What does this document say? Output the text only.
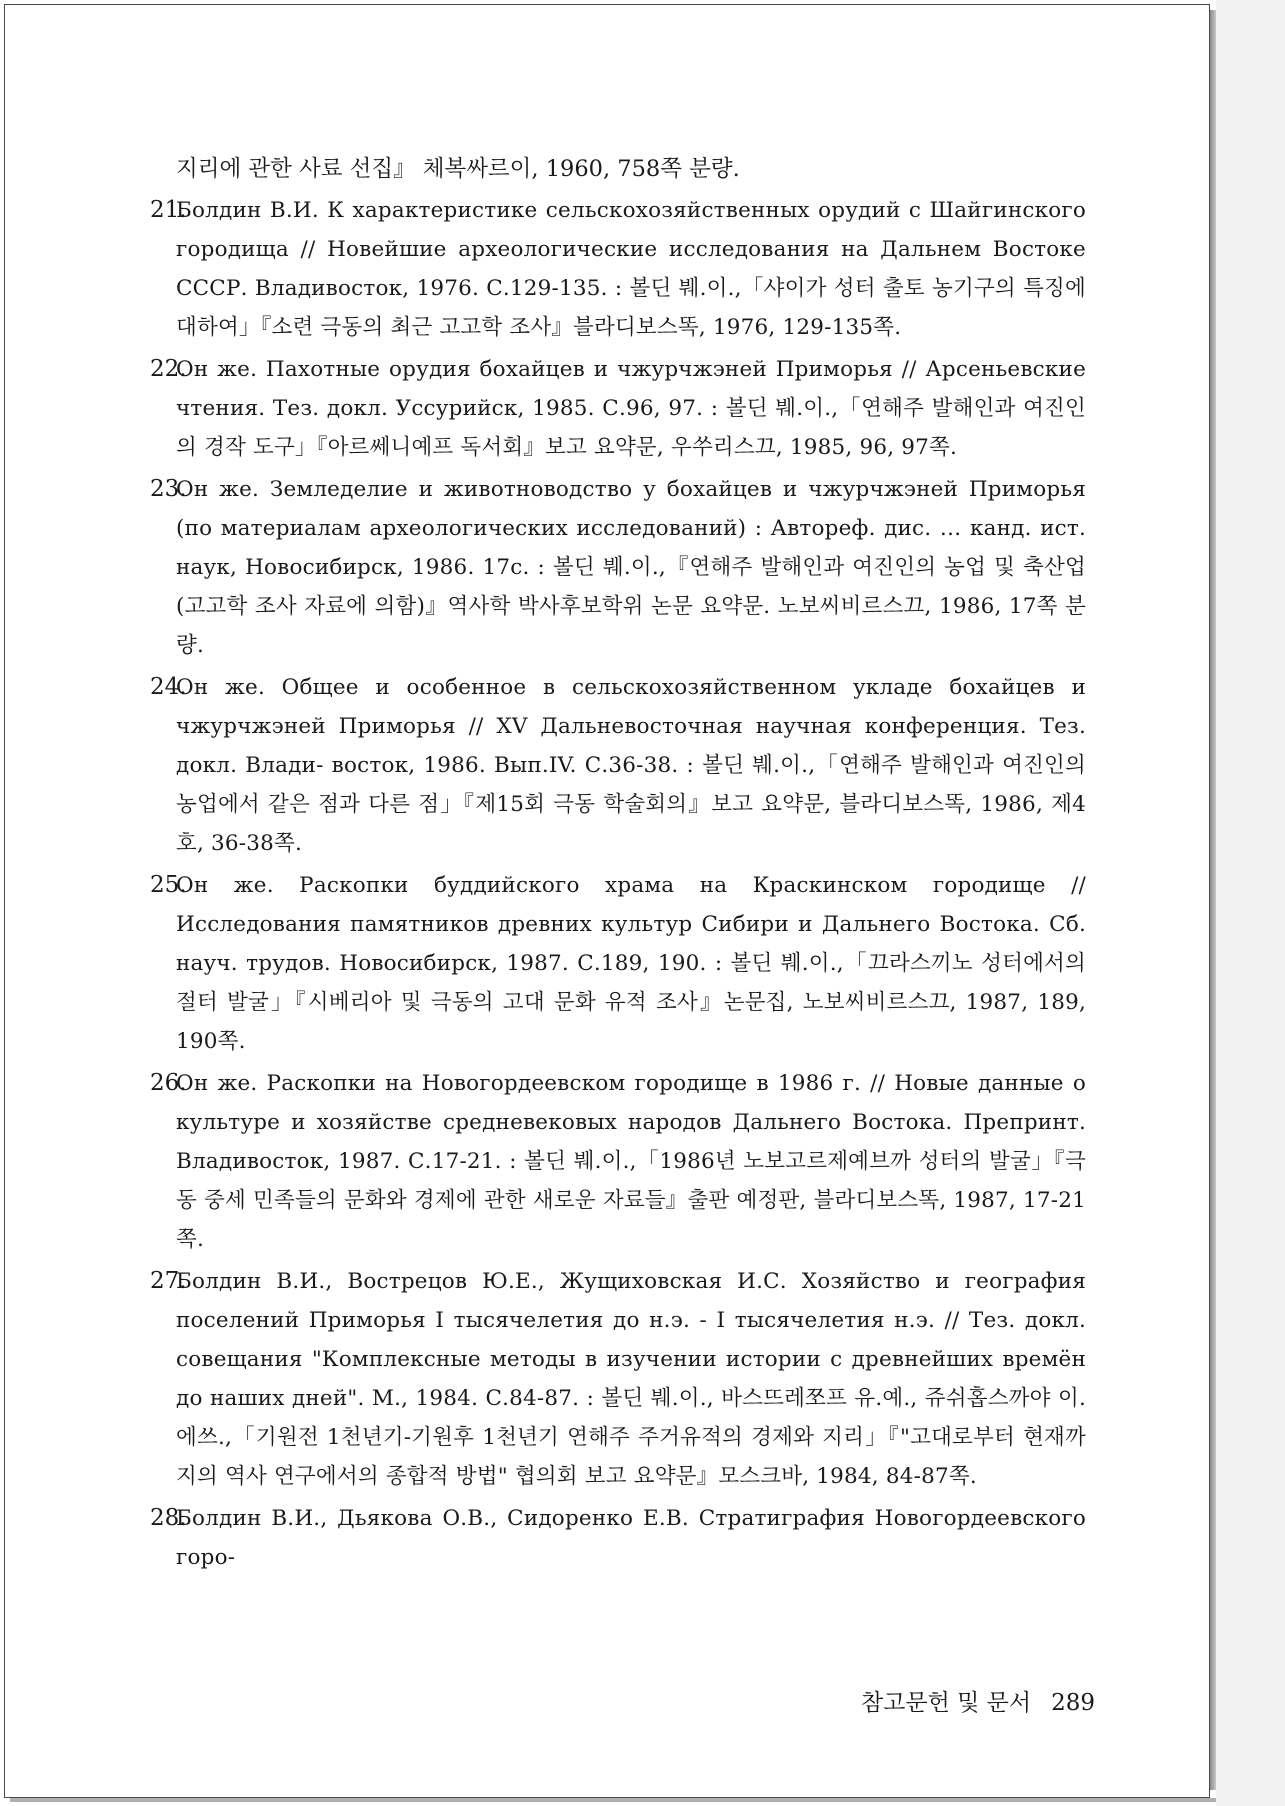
지리에 관한 사료 선집』 체복싸르이, 1960, 758쪽 분량.
21.
Болдин В.И. К характеристике сельскохозяйственных орудий с Шайгинского городища // Новейшие археологические исследования на Дальнем Востоке СССР. Владивосток, 1976. С.129-135. : 볼딘 붸.이.,「샤이가 성터 출토 농기구의 특징에 대하여」『소련 극동의 최근 고고학 조사』블라디보스똑, 1976, 129-135쪽.
22.
Он же. Пахотные орудия бохайцев и чжурчжэней Приморья // Арсеньевские чтения. Тез. докл. Уссурийск, 1985. С.96, 97. : 볼딘 붸.이.,「연해주 발해인과 여진인의 경작 도구」『아르쎄니예프 독서회』보고 요약문, 우쑤리스끄, 1985, 96, 97쪽.
23.
Он же. Земледелие и животноводство у бохайцев и чжурчжэней Приморья (по материалам археологических исследований) : Автореф. дис. … канд. ист. наук, Новосибирск, 1986. 17с. : 볼딘 붸.이.,『연해주 발해인과 여진인의 농업 및 축산업(고고학 조사 자료에 의함)』역사학 박사후보학위 논문 요약문. 노보씨비르스끄, 1986, 17쪽 분량.
24.
Он же. Общее и особенное в сельскохозяйственном укладе бохайцев и чжурчжэней Приморья // XV Дальневосточная научная конференция. Тез. докл. Влади- восток, 1986. Вып.IV. С.36-38. : 볼딘 붸.이.,「연해주 발해인과 여진인의 농업에서 같은 점과 다른 점」『제15회 극동 학술회의』보고 요약문, 블라디보스똑, 1986, 제4호, 36-38쪽.
25.
Он же. Раскопки буддийского храма на Краскинском городище // Исследования памятников древних культур Сибири и Дальнего Востока. Сб. науч. трудов. Новосибирск, 1987. С.189, 190. : 볼딘 붸.이.,「끄라스끼노 성터에서의 절터 발굴」『시베리아 및 극동의 고대 문화 유적 조사』논문집, 노보씨비르스끄, 1987, 189, 190쪽.
26.
Он же. Раскопки на Новогордеевском городище в 1986 г. // Новые данные о культуре и хозяйстве средневековых народов Дальнего Востока. Препринт. Владивосток, 1987. С.17-21. : 볼딘 붸.이.,「1986년 노보고르제예브까 성터의 발굴」『극동 중세 민족들의 문화와 경제에 관한 새로운 자료들』출판 예정판, 블라디보스똑, 1987, 17-21쪽.
27.
Болдин В.И., Вострецов Ю.Е., Жущиховская И.С. Хозяйство и география поселений Приморья I тысячелетия до н.э. - I тысячелетия н.э. // Тез. докл. совещания "Комплексные методы в изучении истории с древнейших времён до наших дней". М., 1984. С.84-87. : 볼딘 붸.이., 바스뜨레쪼프 유.예., 쥬쉬홉스까야 이.에쓰.,「기원전 1천년기-기원후 1천년기 연해주 주거유적의 경제와 지리」『"고대로부터 현재까지의 역사 연구에서의 종합적 방법" 협의회 보고 요약문』모스크바, 1984, 84-87쪽.
28.
Болдин В.И., Дьякова О.В., Сидоренко Е.В. Стратиграфия Новогордеевского горо-
참고문헌 및 문서 289
